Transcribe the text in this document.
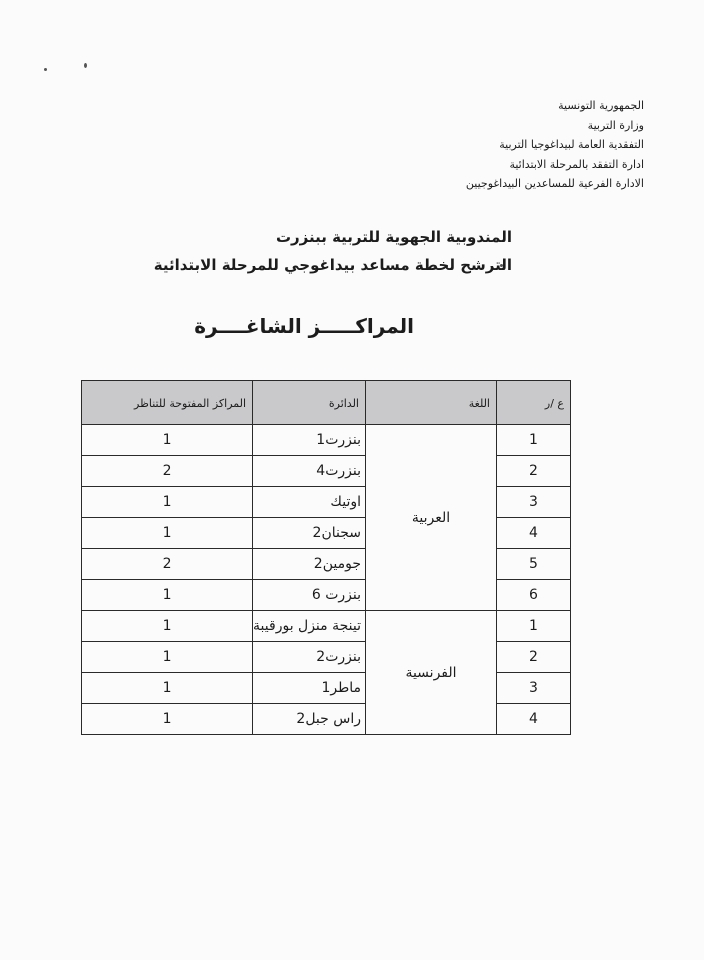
الجمهورية التونسية
وزارة التربية
التفقدية العامة لبيداغوجيا التربية
ادارة التفقد بالمرحلة الابتدائية
الادارة الفرعية للمساعدين البيداغوجيين
المندوبية الجهوية للتربية ببنزرت
الترشح لخطة مساعد بيداغوجي للمرحلة الابتدائية
المراكـــــز الشاغــــرة
ع /ر	اللغة	الدائرة	المراكز المفتوحة للتناظر
1	العربية	بنزرت1	1
2		بنزرت4	2
3		اوتيك	1
4		سجنان2	1
5		جومين2	2
6		بنزرت 6	1
1	الفرنسية	تينجة منزل بورقيبة	1
2		بنزرت2	1
3		ماطر1	1
4		راس جبل2	1
